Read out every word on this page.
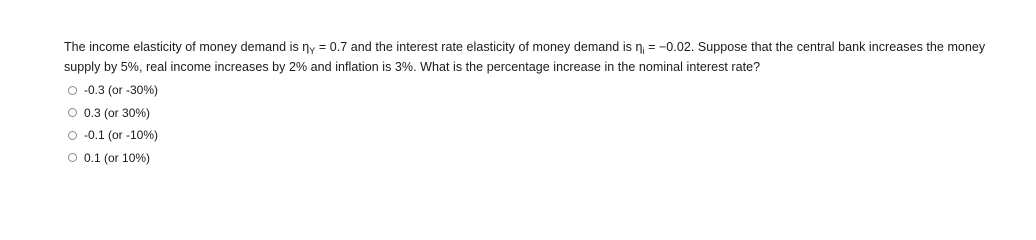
The income elasticity of money demand is $\eta_Y = 0.7$ and the interest rate elasticity of money demand is $\eta_i = -0.02$. Suppose that the central bank increases the money supply by 5%, real income increases by 2% and inflation is 3%. What is the percentage increase in the nominal interest rate?
-0.3 (or -30%)
0.3 (or 30%)
-0.1 (or -10%)
0.1 (or 10%)
